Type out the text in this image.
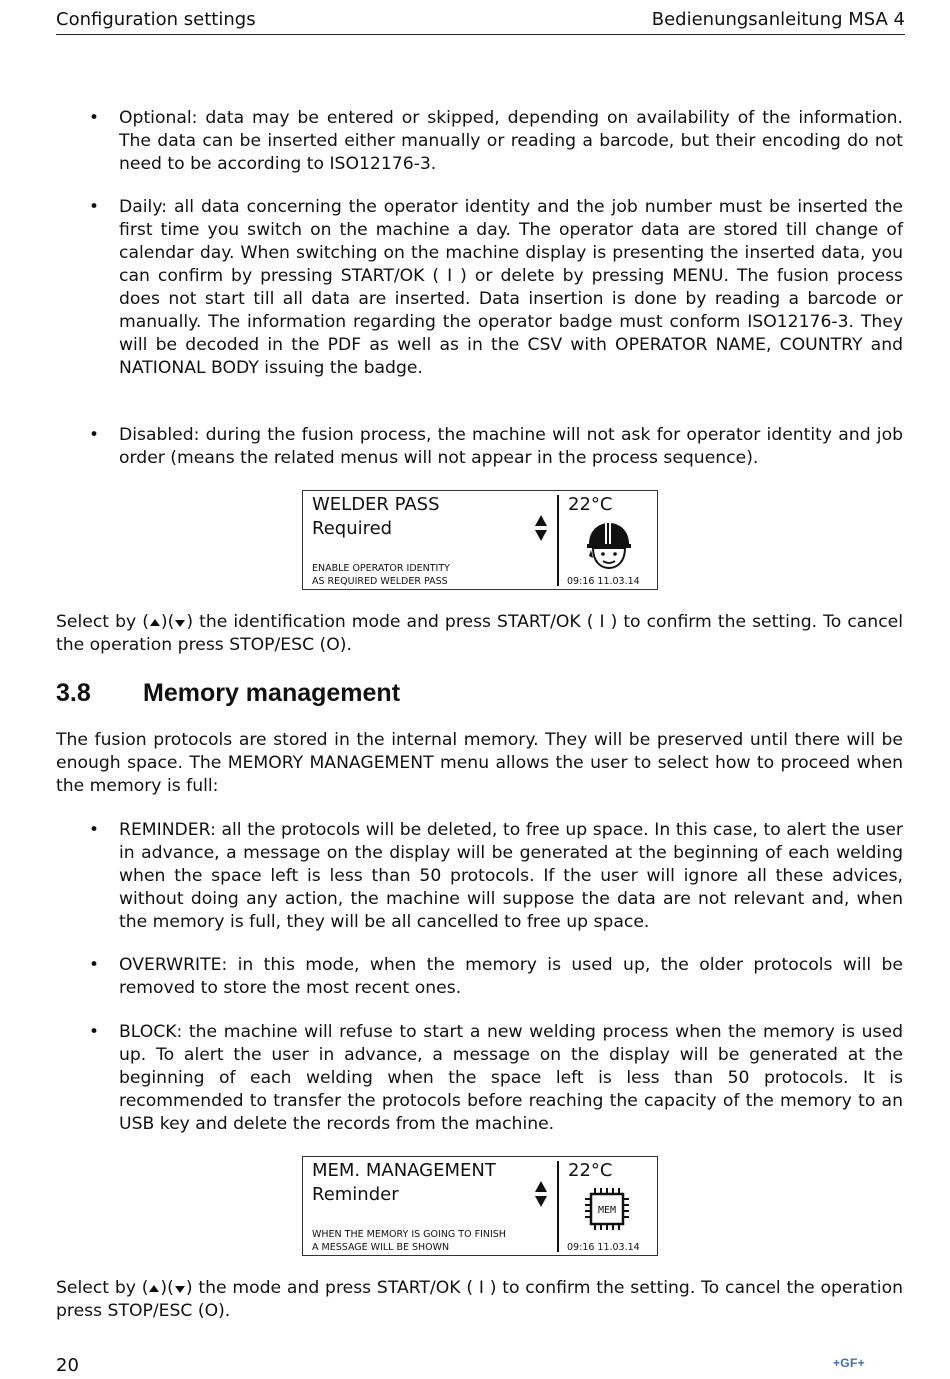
Configuration settings	Bedienungsanleitung MSA 4
• Optional: data may be entered or skipped, depending on availability of the information. The data can be inserted either manually or reading a barcode, but their encoding do not need to be according to ISO12176-3.

• Daily: all data concerning the operator identity and the job number must be inserted the first time you switch on the machine a day. The operator data are stored till change of calendar day. When switching on the machine display is presenting the inserted data, you can confirm by pressing START/OK ( I ) or delete by pressing MENU. The fusion process does not start till all data are inserted. Data insertion is done by reading a barcode or manually. The information regarding the operator badge must conform ISO12176-3. They will be decoded in the PDF as well as in the CSV with OPERATOR NAME, COUNTRY and NATIONAL BODY issuing the badge.

• Disabled: during the fusion process, the machine will not ask for operator identity and job order (means the related menus will not appear in the process sequence).

WELDER PASS
Required
ENABLE OPERATOR IDENTITY
AS REQUIRED WELDER PASS
22°C
09:16 11.03.14

Select by ( )( ) the identification mode and press START/OK ( I ) to confirm the setting. To cancel the operation press STOP/ESC (O).

3.8 Memory management

The fusion protocols are stored in the internal memory. They will be preserved until there will be enough space. The MEMORY MANAGEMENT menu allows the user to select how to proceed when the memory is full:

• REMINDER: all the protocols will be deleted, to free up space. In this case, to alert the user in advance, a message on the display will be generated at the beginning of each welding when the space left is less than 50 protocols. If the user will ignore all these advices, without doing any action, the machine will suppose the data are not relevant and, when the memory is full, they will be all cancelled to free up space.

• OVERWRITE: in this mode, when the memory is used up, the older protocols will be removed to store the most recent ones.

• BLOCK: the machine will refuse to start a new welding process when the memory is used up. To alert the user in advance, a message on the display will be generated at the beginning of each welding when the space left is less than 50 protocols. It is recommended to transfer the protocols before reaching the capacity of the memory to an USB key and delete the records from the machine.

MEM. MANAGEMENT
Reminder
WHEN THE MEMORY IS GOING TO FINISH
A MESSAGE WILL BE SHOWN
22°C
MEM
09:16 11.03.14

Select by ( )( ) the mode and press START/OK ( I ) to confirm the setting. To cancel the operation press STOP/ESC (O).

20	+GF+
